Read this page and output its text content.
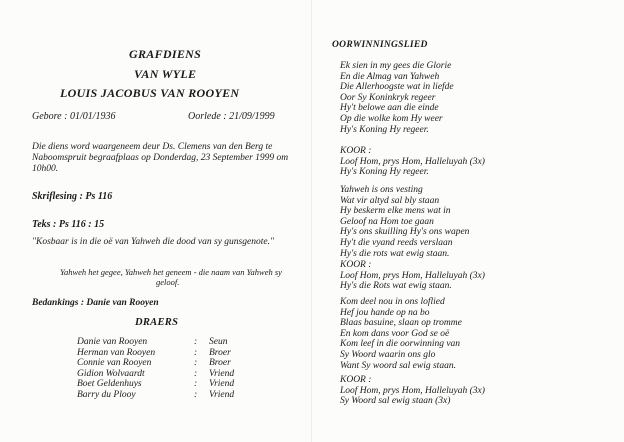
GRAFDIENS
VAN WYLE
LOUIS JACOBUS VAN ROOYEN
Gebore : 01/01/1936	Oorlede : 21/09/1999
Die diens word waargeneem deur Ds. Clemens van den Berg te
Naboomspruit begraafplaas op Donderdag, 23 September 1999 om
10h00.
Skriflesing : Ps 116
Teks : Ps 116 : 15
"Kosbaar is in die oë van Yahweh die dood van sy gunsgenote."
Yahweh het gegee, Yahweh het geneem - die naam van Yahweh sy
geloof.
Bedankings : Danie van Rooyen
DRAERS
Danie van Rooyen	:	Seun
Herman van Rooyen	:	Broer
Connie van Rooyen	:	Broer
Gidion Wolvaardt	:	Vriend
Boet Geldenhuys	:	Vriend
Barry du Plooy	:	Vriend
OORWINNINGSLIED
Ek sien in my gees die Glorie
En die Almag van Yahweh
Die Allerhoogste wat in liefde
Oor Sy Koninkryk regeer
Hy't belowe aan die einde
Op die wolke kom Hy weer
Hy's Koning Hy regeer.
KOOR :
Loof Hom, prys Hom, Halleluyah (3x)
Hy's Koning Hy regeer.
Yahweh is ons vesting
Wat vir altyd sal bly staan
Hy beskerm elke mens wat in
Geloof na Hom toe gaan
Hy's ons skuilling Hy's ons wapen
Hy't die vyand reeds verslaan
Hy's die rots wat ewig staan.
KOOR :
Loof Hom, prys Hom, Halleluyah (3x)
Hy's die Rots wat ewig staan.
Kom deel nou in ons loflied
Hef jou hande op na bo
Blaas basuine, slaan op tromme
En kom dans voor God se oë
Kom leef in die oorwinning van
Sy Woord waarin ons glo
Want Sy woord sal ewig staan.
KOOR :
Loof Hom, prys Hom, Halleluyah (3x)
Sy Woord sal ewig staan (3x)
